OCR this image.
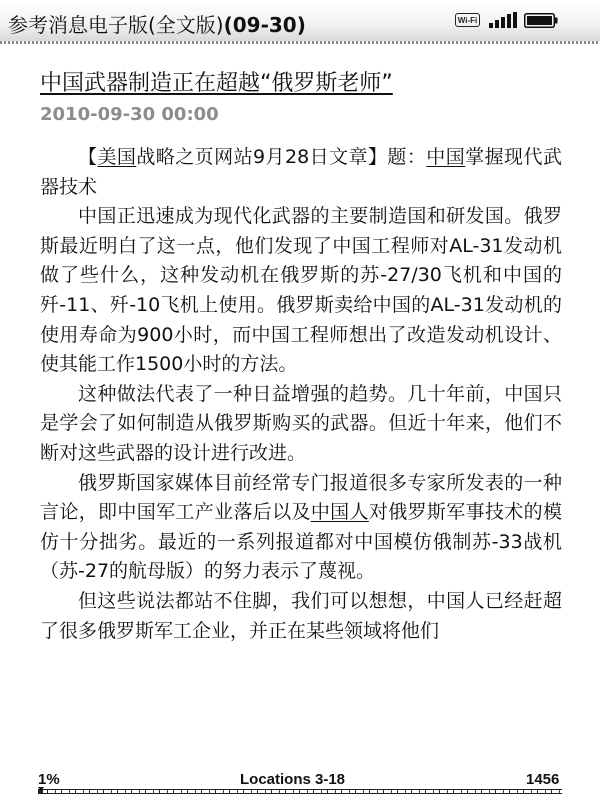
参考消息电子版(全文版)(09-30)	Wi-Fi
中国武器制造正在超越“俄罗斯老师”
2010-09-30 00:00

【美国战略之页网站9月28日文章】题：中国掌握现代武器技术

中国正迅速成为现代化武器的主要制造国和研发国。俄罗斯最近明白了这一点，他们发现了中国工程师对AL-31发动机做了些什么，这种发动机在俄罗斯的苏-27/30飞机和中国的歼-11、歼-10飞机上使用。俄罗斯卖给中国的AL-31发动机的使用寿命为900小时，而中国工程师想出了改造发动机设计、使其能工作1500小时的方法。

这种做法代表了一种日益增强的趋势。几十年前，中国只是学会了如何制造从俄罗斯购买的武器。但近十年来，他们不断对这些武器的设计进行改进。

俄罗斯国家媒体目前经常专门报道很多专家所发表的一种言论，即中国军工产业落后以及中国人对俄罗斯军事技术的模仿十分拙劣。最近的一系列报道都对中国模仿俄制苏-33战机（苏-27的航母版）的努力表示了蔑视。

但这些说法都站不住脚，我们可以想想，中国人已经赶超了很多俄罗斯军工企业，并正在某些领域将他们

1%	Locations 3-18	1456
